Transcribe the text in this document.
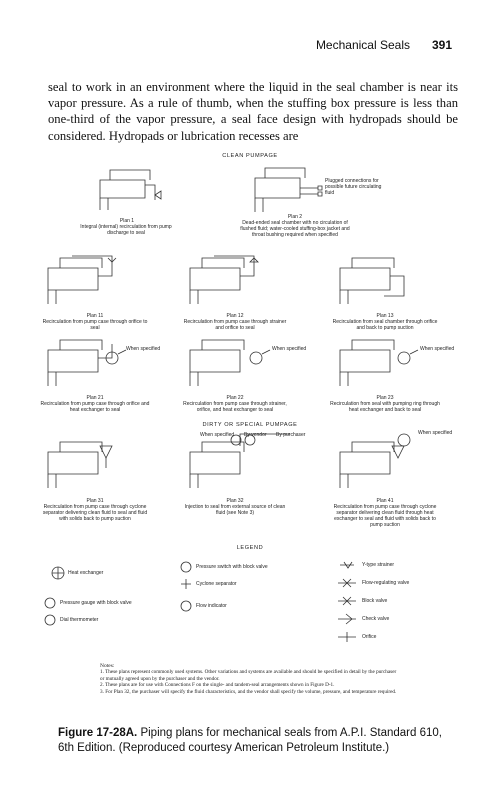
Mechanical Seals 391

seal to work in an environment where the liquid in the seal chamber is near its vapor pressure. As a rule of thumb, when the stuffing box pressure is less than one-third of the vapor pressure, a seal face design with hydropads should be considered. Hydropads or lubrication recesses are

CLEAN PUMPAGE
Plan 1
Integral (internal) recirculation from pump discharge to seal
Plugged connections for possible future circulating fluid
Plan 2
Dead-ended seal chamber with no circulation of flushed fluid; water-cooled stuffing-box jacket and throat bushing required when specified
Plan 11
Recirculation from pump case through orifice to seal
Plan 12
Recirculation from pump case through strainer and orifice to seal
Plan 13
Recirculation from seal chamber through orifice and back to pump suction
When specified	When specified	When specified
Plan 21
Recirculation from pump case through orifice and heat exchanger to seal
Plan 22
Recirculation from pump case through strainer, orifice, and heat exchanger to seal
Plan 23
Recirculation from seal with pumping ring through heat exchanger and back to seal
DIRTY OR SPECIAL PUMPAGE
When specified	By vendor	By purchaser	When specified
Plan 31
Recirculation from pump case through cyclone separator delivering clean fluid to seal and fluid with solids back to pump suction
Plan 32
Injection to seal from external source of clean fluid (see Note 3)
Plan 41
Recirculation from pump case through cyclone separator delivering clean fluid through heat exchanger to seal and fluid with solids back to pump suction
LEGEND
Heat exchanger
Pressure gauge with block valve
Dial thermometer
Pressure switch with block valve
Cyclone separator
Flow indicator
Y-type strainer
Flow-regulating valve
Block valve
Check valve
Orifice
Notes:
1. These plans represent commonly used systems. Other variations and systems are available and should be specified in detail by the purchaser or mutually agreed upon by the purchaser and the vendor.
2. These plans are for use with Connections F on the single- and tandem-seal arrangements shown in Figure D-1.
3. For Plan 32, the purchaser will specify the fluid characteristics, and the vendor shall specify the volume, pressure, and temperature required.
Figure 17-28A. Piping plans for mechanical seals from A.P.I. Standard 610, 6th Edition. (Reproduced courtesy American Petroleum Institute.)
